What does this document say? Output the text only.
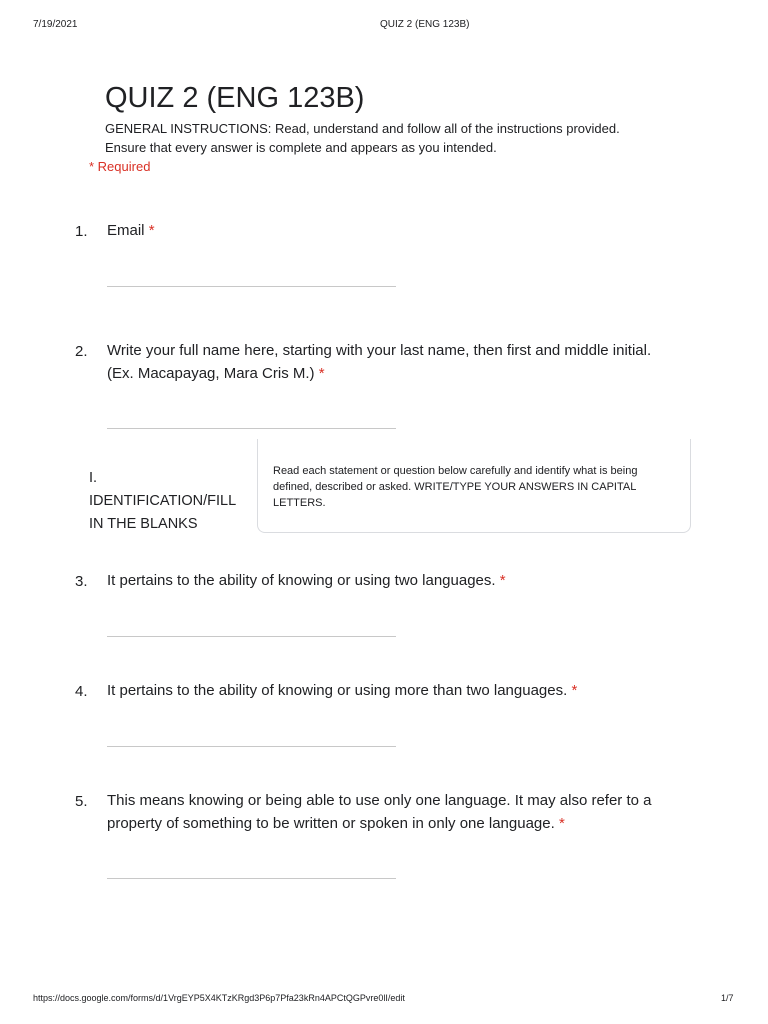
7/19/2021	QUIZ 2 (ENG 123B)
QUIZ 2 (ENG 123B)
GENERAL INSTRUCTIONS: Read, understand and follow all of the instructions provided.
Ensure that every answer is complete and appears as you intended.
* Required
1. Email *
2. Write your full name here, starting with your last name, then first and middle initial.
(Ex. Macapayag, Mara Cris M.) *
I.
IDENTIFICATION/FILL
IN THE BLANKS
Read each statement or question below carefully and identify what is being defined, described or asked. WRITE/TYPE YOUR ANSWERS IN CAPITAL LETTERS.
3. It pertains to the ability of knowing or using two languages. *
4. It pertains to the ability of knowing or using more than two languages. *
5. This means knowing or being able to use only one language. It may also refer to a
property of something to be written or spoken in only one language. *
https://docs.google.com/forms/d/1VrgEYP5X4KTzKRgd3P6p7Pfa23kRn4APCtQGPvre0lI/edit	1/7
